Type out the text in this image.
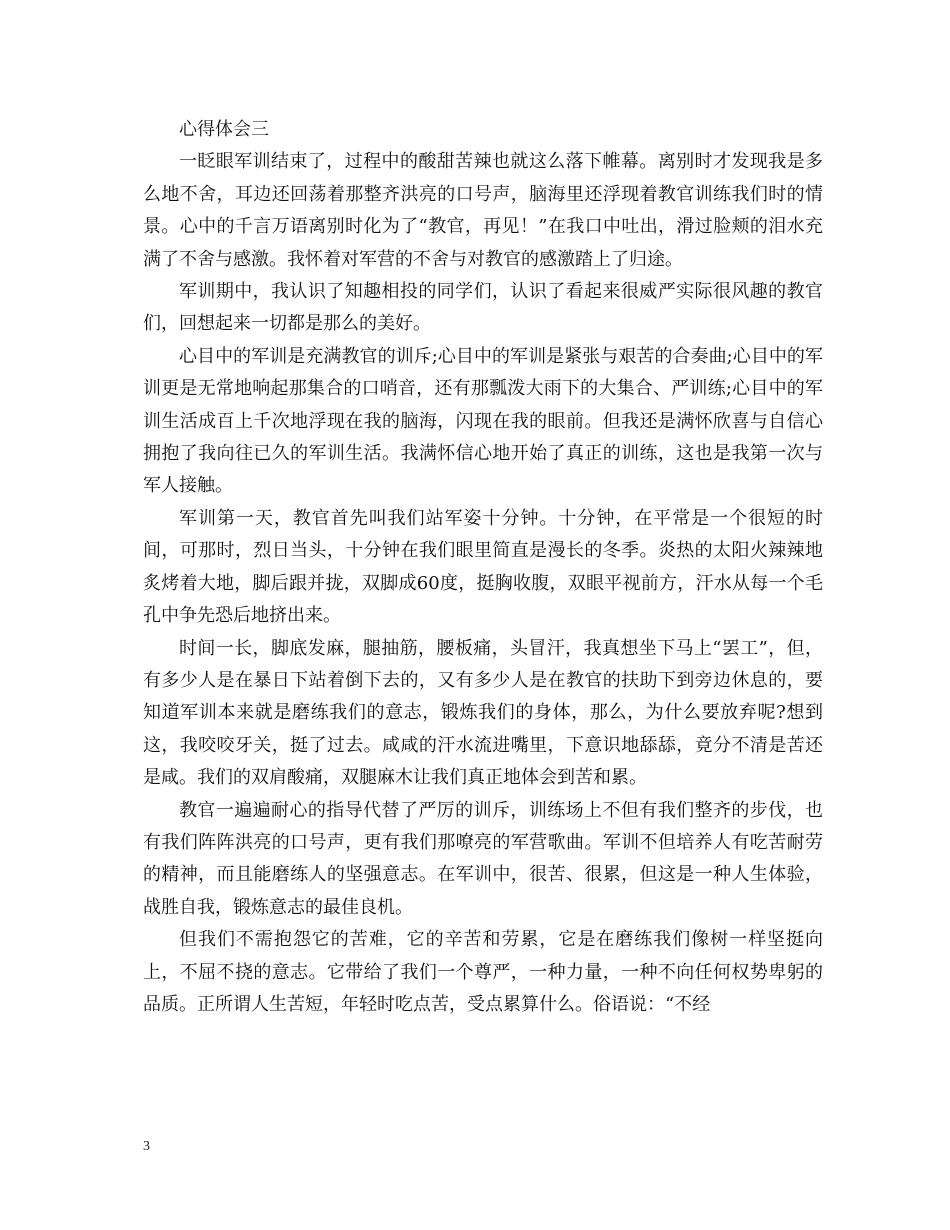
心得体会三

一眨眼军训结束了，过程中的酸甜苦辣也就这么落下帷幕。离别时才发现我是多么地不舍，耳边还回荡着那整齐洪亮的口号声，脑海里还浮现着教官训练我们时的情景。心中的千言万语离别时化为了“教官，再见！”在我口中吐出，滑过脸颊的泪水充满了不舍与感激。我怀着对军营的不舍与对教官的感激踏上了归途。

军训期中，我认识了知趣相投的同学们，认识了看起来很威严实际很风趣的教官们，回想起来一切都是那么的美好。

心目中的军训是充满教官的训斥;心目中的军训是紧张与艰苦的合奏曲;心目中的军训更是无常地响起那集合的口哨音，还有那瓢泼大雨下的大集合、严训练;心目中的军训生活成百上千次地浮现在我的脑海，闪现在我的眼前。但我还是满怀欣喜与自信心拥抱了我向往已久的军训生活。我满怀信心地开始了真正的训练，这也是我第一次与军人接触。

军训第一天，教官首先叫我们站军姿十分钟。十分钟，在平常是一个很短的时间，可那时，烈日当头，十分钟在我们眼里简直是漫长的冬季。炎热的太阳火辣辣地炙烤着大地，脚后跟并拢，双脚成60度，挺胸收腹，双眼平视前方，汗水从每一个毛孔中争先恐后地挤出来。

时间一长，脚底发麻，腿抽筋，腰板痛，头冒汗，我真想坐下马上“罢工”，但，有多少人是在暴日下站着倒下去的，又有多少人是在教官的扶助下到旁边休息的，要知道军训本来就是磨练我们的意志，锻炼我们的身体，那么，为什么要放弃呢?想到这，我咬咬牙关，挺了过去。咸咸的汗水流进嘴里，下意识地舔舔，竟分不清是苦还是咸。我们的双肩酸痛，双腿麻木让我们真正地体会到苦和累。

教官一遍遍耐心的指导代替了严厉的训斥，训练场上不但有我们整齐的步伐，也有我们阵阵洪亮的口号声，更有我们那嘹亮的军营歌曲。军训不但培养人有吃苦耐劳的精神，而且能磨练人的坚强意志。在军训中，很苦、很累，但这是一种人生体验，战胜自我，锻炼意志的最佳良机。

但我们不需抱怨它的苦难，它的辛苦和劳累，它是在磨练我们像树一样坚挺向上，不屈不挠的意志。它带给了我们一个尊严，一种力量，一种不向任何权势卑躬的品质。正所谓人生苦短，年轻时吃点苦，受点累算什么。俗语说：“不经

3
